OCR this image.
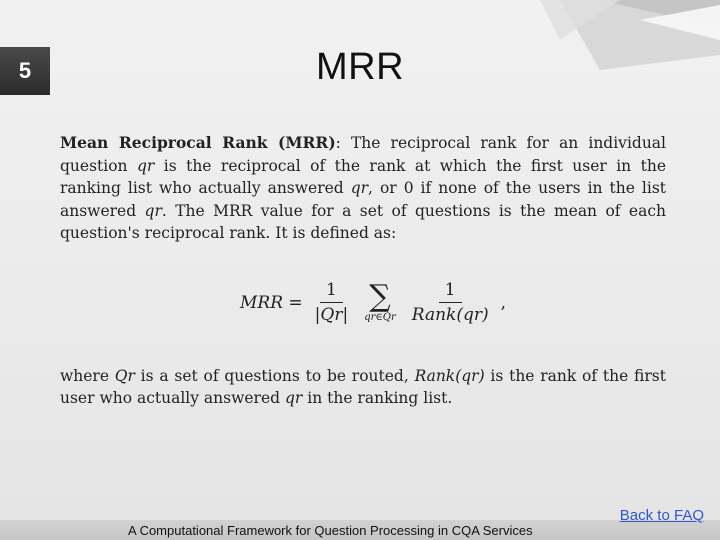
5	MRR

Mean Reciprocal Rank (MRR): The reciprocal rank for an individual question qr is the reciprocal of the rank at which the first user in the ranking list who actually answered qr, or 0 if none of the users in the list answered qr. The MRR value for a set of questions is the mean of each question's reciprocal rank. It is defined as:

MRR = $\frac{1}{|Qr|}$ ∑
qr∈Qr $\frac{1}{\text{Rank(qr)}}$ ,

where Qr is a set of questions to be routed, Rank(qr) is the rank of the first user who actually answered qr in the ranking list.

A Computational Framework for Question Processing in CQA Services
Back to FAQ
